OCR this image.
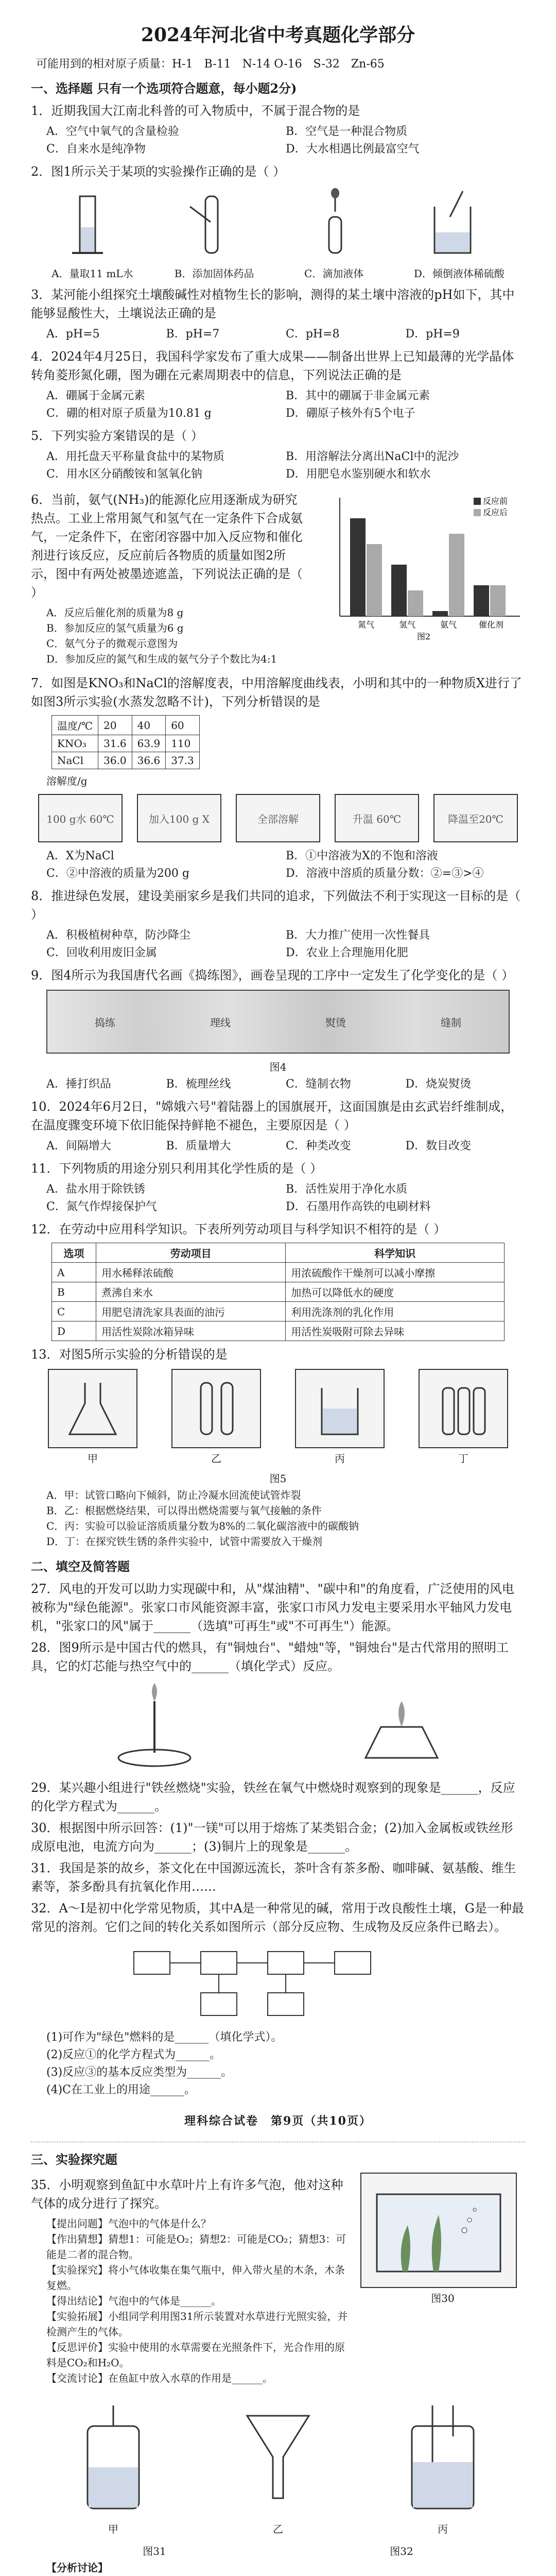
2024年河北省中考真题化学部分
可能用到的相对原子质量：H-1　B-11　N-14 O-16　S-32　Zn-65
一、选择题 只有一个选项符合题意，每小题2分)
1．近期我国大江南北科普的可入物质中，不属于混合物的是
A．空气中氧气的含量检验	B．空气是一种混合物质
C．自来水是纯净物	D．大水相遇比例最富空气
2．图1所示关于某项的实验操作正确的是（ ）
A．量取11 mL水	B．添加固体药品	C．滴加液体	D．倾倒液体稀硫酸
3．某河能小组探究土壤酸碱性对植物生长的影响，测得的某土壤中溶液的pH如下，其中能够显酸性大，土壤说法正确的是
A．pH=5	B．pH=7	C．pH=8	D．pH=9
4．2024年4月25日，我国科学家发布了重大成果——制备出世界上已知最薄的光学晶体转角菱形氮化硼，图为硼在元素周期表中的信息，下列说法正确的是
A．硼属于金属元素	B．其中的硼属于非金属元素
C．硼的相对原子质量为10.81 g	D．硼原子核外有5个电子
5．下列实验方案错误的是（ ）
A．用托盘天平称量食盐中的某物质	B．用溶解法分离出NaCl中的泥沙
C．用水区分硝酸铵和氢氧化钠	D．用肥皂水鉴别硬水和软水
6．当前，氨气(NH₃)的能源化应用逐渐成为研究热点。工业上常用氮气和氢气在一定条件下合成氨气，一定条件下，在密闭容器中加入反应物和催化剂进行该反应，反应前后各物质的质量如图2所示，图中有两处被墨迹遮盖，下列说法正确的是（ ）
A．反应后催化剂的质量为8 g
B．参加反应的氢气质量为6 g
C．氨气分子的微观示意图为
D．参加反应的氮气和生成的氨气分子个数比为4:1
反应前
反应后
氮气	氢气	氨气	催化剂
图2
7．如图是KNO₃和NaCl的溶解度表，中用溶解度曲线表，小明和其中的一种物质X进行了如图3所示实验(水蒸发忽略不计)，下列分析错误的是
温度/℃	20	40	60
KNO₃	31.6	63.9	110
NaCl	36.0	36.6	37.3
溶解度/g
100 g水 60℃	加入100 g X	全部溶解	升温 60℃	降温至20℃
A．X为NaCl	B．①中溶液为X的不饱和溶液
C．②中溶液的质量为200 g	D．溶液中溶质的质量分数：②=③>④
8．推进绿色发展，建设美丽家乡是我们共同的追求，下列做法不利于实现这一目标的是（ ）
A．积极植树种草，防沙降尘	B．大力推广使用一次性餐具
C．回收利用废旧金属	D．农业上合理施用化肥
9．图4所示为我国唐代名画《捣练图》，画卷呈现的工序中一定发生了化学变化的是（ ）
捣练	理线	熨烫	缝制
图4
A．捶打织品	B．梳理丝线	C．缝制衣物	D．烧炭熨烫
10．2024年6月2日，"嫦娥六号"着陆器上的国旗展开，这面国旗是由玄武岩纤维制成，在温度骤变环境下依旧能保持鲜艳不褪色，主要原因是（ ）
A．间隔增大	B．质量增大	C．种类改变	D．数目改变
11．下列物质的用途分别只利用其化学性质的是（ ）
A．盐水用于除铁锈	B．活性炭用于净化水质
C．氮气作焊接保护气	D．石墨用作高铁的电刷材料
12．在劳动中应用科学知识。下表所列劳动项目与科学知识不相符的是（ ）
选项	劳动项目	科学知识
A	用水稀释浓硫酸	用浓硫酸作干燥剂可以减小摩擦
B	煮沸自来水	加热可以降低水的硬度
C	用肥皂清洗家具表面的油污	利用洗涤剂的乳化作用
D	用活性炭除冰箱异味	用活性炭吸附可除去异味
13．对图5所示实验的分析错误的是
甲	乙	丙	丁
图5
A．甲：试管口略向下倾斜，防止冷凝水回流使试管炸裂
B．乙：根据燃烧结果，可以得出燃烧需要与氧气接触的条件
C．丙：实验可以验证溶质质量分数为8%的二氧化碳溶液中的碳酸钠
D．丁：在探究铁生锈的条件实验中，试管中需要放入干燥剂
二、填空及简答题
27．风电的开发可以助力实现碳中和，从"煤油精"、"碳中和"的角度看，广泛使用的风电被称为"绿色能源"。张家口市风能资源丰富，张家口市风力发电主要采用水平轴风力发电机，"张家口的风"属于______（选填"可再生"或"不可再生"）能源。
28．图9所示是中国古代的燃具，有"铜烛台"、"蜡烛"等，"铜烛台"是古代常用的照明工具，它的灯芯能与热空气中的______（填化学式）反应。
29．某兴趣小组进行"铁丝燃烧"实验，铁丝在氧气中燃烧时观察到的现象是______，反应的化学方程式为______。
30．根据图中所示回答：(1)"一镁"可以用于熔炼了某类铝合金；(2)加入金属板或铁丝形成原电池，电流方向为______；(3)铜片上的现象是______。
31．我国是茶的故乡，茶文化在中国源远流长，茶叶含有茶多酚、咖啡碱、氨基酸、维生素等，茶多酚具有抗氧化作用……
32．A～I是初中化学常见物质，其中A是一种常见的碱，常用于改良酸性土壤，G是一种最常见的溶剂。它们之间的转化关系如图所示（部分反应物、生成物及反应条件已略去）。
(1)可作为"绿色"燃料的是______（填化学式）。
(2)反应①的化学方程式为______。
(3)反应③的基本反应类型为______。
(4)C在工业上的用途______。
理科综合试卷　第9页（共10页）
三、实验探究题
35．小明观察到鱼缸中水草叶片上有许多气泡，他对这种气体的成分进行了探究。
【提出问题】气泡中的气体是什么？
【作出猜想】猜想1：可能是O₂；猜想2：可能是CO₂；猜想3：可能是二者的混合物。
【实验探究】将小气体收集在集气瓶中，伸入带火星的木条，木条复燃。
【得出结论】气泡中的气体是______。
【实验拓展】小组同学利用图31所示装置对水草进行光照实验，并检测产生的气体。
【反思评价】实验中使用的水草需要在光照条件下，光合作用的原料是CO₂和H₂O。
【交流讨论】在鱼缸中放入水草的作用是______。
图30
甲	乙	丙
图31	图32
【分析讨论】
